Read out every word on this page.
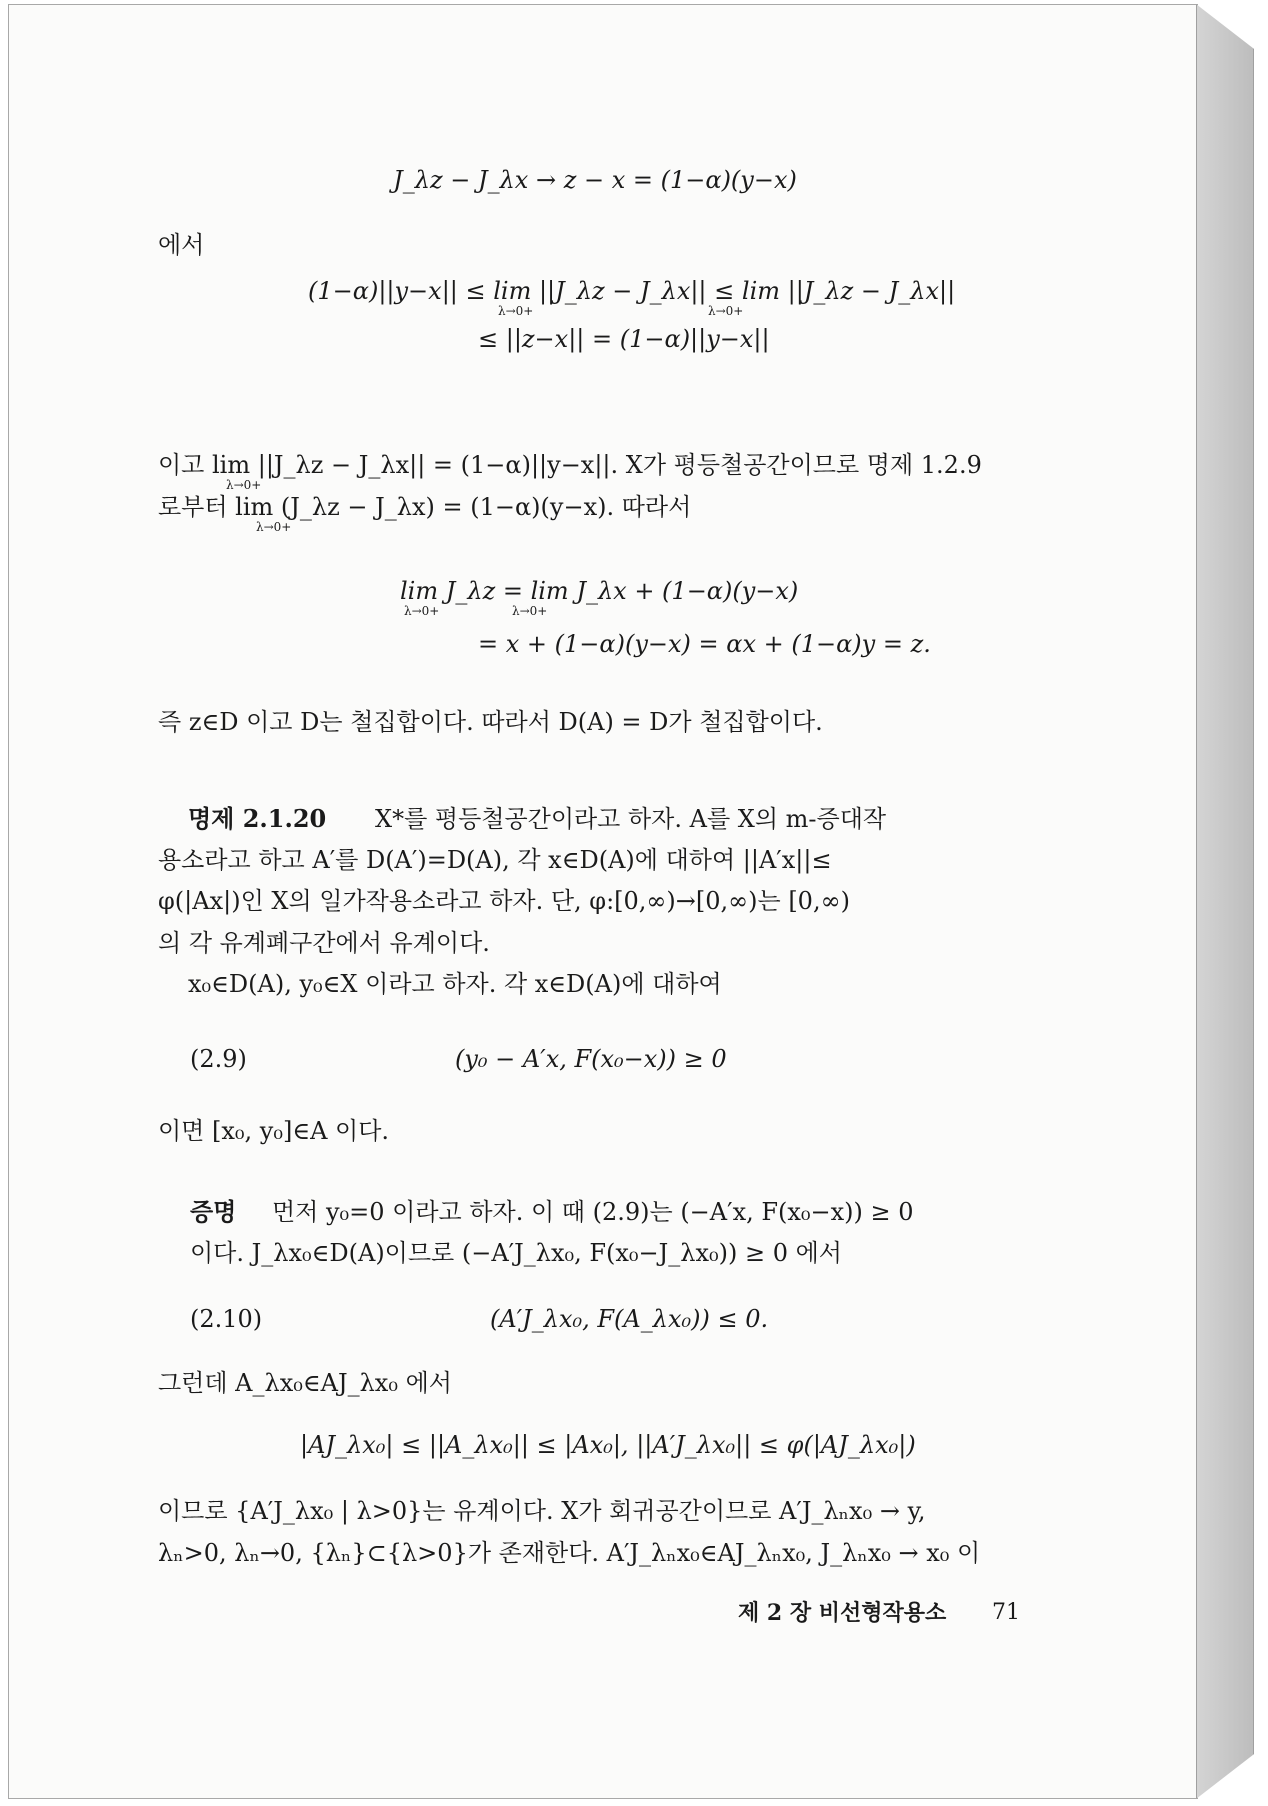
J_λz − J_λx → z − x = (1−α)(y−x)
에서
(1−α)||y−x|| ≤ lim ||J_λz − J_λx|| ≤ lim ||J_λz − J_λx||
λ→0+	λ→0+
≤ ||z−x|| = (1−α)||y−x||
이고 lim ||J_λz − J_λx|| = (1−α)||y−x||. X가 평등철공간이므로 명제 1.2.9
λ→0+
로부터 lim (J_λz − J_λx) = (1−α)(y−x). 따라서
λ→0+
lim J_λz = lim J_λx + (1−α)(y−x)
λ→0+	λ→0+
= x + (1−α)(y−x) = αx + (1−α)y = z.
즉 z∈D 이고 D는 철집합이다. 따라서 D(A) = D가 철집합이다.
명제 2.1.20 X*를 평등철공간이라고 하자. A를 X의 m-증대작
용소라고 하고 A′를 D(A′)=D(A), 각 x∈D(A)에 대하여 ||A′x||≤
φ(|Ax|)인 X의 일가작용소라고 하자. 단, φ:[0,∞)→[0,∞)는 [0,∞)
의 각 유계폐구간에서 유계이다.
x₀∈D(A), y₀∈X 이라고 하자. 각 x∈D(A)에 대하여
(2.9)	(y₀ − A′x, F(x₀−x)) ≥ 0
이면 [x₀, y₀]∈A 이다.
증명 먼저 y₀=0 이라고 하자. 이 때 (2.9)는 (−A′x, F(x₀−x)) ≥ 0
이다. J_λx₀∈D(A)이므로 (−A′J_λx₀, F(x₀−J_λx₀)) ≥ 0 에서
(2.10)	(A′J_λx₀, F(A_λx₀)) ≤ 0.
그런데 A_λx₀∈AJ_λx₀ 에서
|AJ_λx₀| ≤ ||A_λx₀|| ≤ |Ax₀|, ||A′J_λx₀|| ≤ φ(|AJ_λx₀|)
이므로 {A′J_λx₀ | λ>0}는 유계이다. X가 회귀공간이므로 A′J_λₙx₀ → y,
λₙ>0, λₙ→0, {λₙ}⊂{λ>0}가 존재한다. A′J_λₙx₀∈AJ_λₙx₀, J_λₙx₀ → x₀ 이
제 2 장 비선형작용소 71
